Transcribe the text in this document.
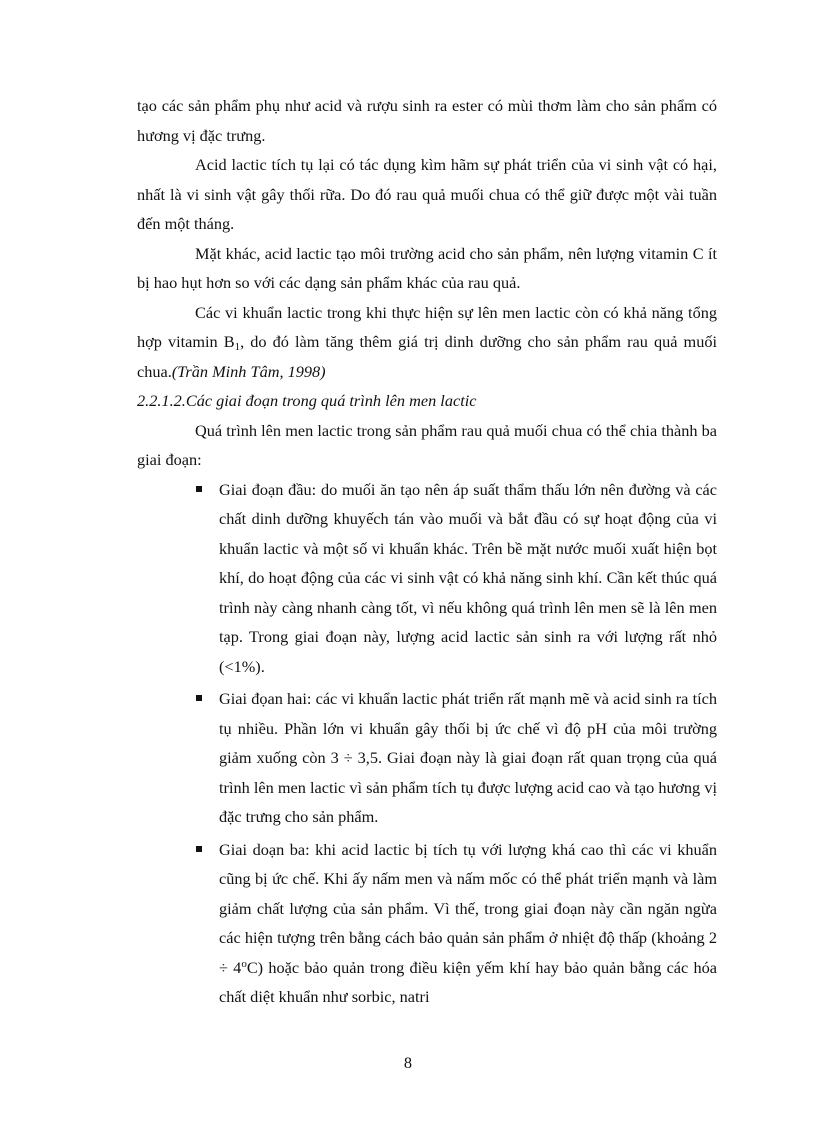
tạo các sản phẩm phụ như acid và rượu sinh ra ester có mùi thơm làm cho sản phẩm có hương vị đặc trưng.

Acid lactic tích tụ lại có tác dụng kìm hãm sự phát triển của vi sinh vật có hại, nhất là vi sinh vật gây thối rữa. Do đó rau quả muối chua có thể giữ được một vài tuần đến một tháng.

Mặt khác, acid lactic tạo môi trường acid cho sản phẩm, nên lượng vitamin C ít bị hao hụt hơn so với các dạng sản phẩm khác của rau quả.

Các vi khuẩn lactic trong khi thực hiện sự lên men lactic còn có khả năng tổng hợp vitamin $B_1$, do đó làm tăng thêm giá trị dinh dưỡng cho sản phẩm rau quả muối chua.(Trần Minh Tâm, 1998)

2.2.1.2.Các giai đoạn trong quá trình lên men lactic

Quá trình lên men lactic trong sản phẩm rau quả muối chua có thể chia thành ba giai đoạn:

Giai đoạn đầu: do muối ăn tạo nên áp suất thẩm thấu lớn nên đường và các chất dinh dưỡng khuyếch tán vào muối và bắt đầu có sự hoạt động của vi khuẩn lactic và một số vi khuẩn khác. Trên bề mặt nước muối xuất hiện bọt khí, do hoạt động của các vi sinh vật có khả năng sinh khí. Cần kết thúc quá trình này càng nhanh càng tốt, vì nếu không quá trình lên men sẽ là lên men tạp. Trong giai đoạn này, lượng acid lactic sản sinh ra với lượng rất nhỏ (<1%).
Giai đọan hai: các vi khuẩn lactic phát triển rất mạnh mẽ và acid sinh ra tích tụ nhiều. Phần lớn vi khuẩn gây thối bị ức chế vì độ pH của môi trường giảm xuống còn 3 ÷ 3,5. Giai đoạn này là giai đoạn rất quan trọng của quá trình lên men lactic vì sản phẩm tích tụ được lượng acid cao và tạo hương vị đặc trưng cho sản phẩm.
Giai doạn ba: khi acid lactic bị tích tụ với lượng khá cao thì các vi khuẩn cũng bị ức chế. Khi ấy nấm men và nấm mốc có thể phát triển mạnh và làm giảm chất lượng của sản phẩm. Vì thế, trong giai đoạn này cần ngăn ngừa các hiện tượng trên bằng cách bảo quản sản phẩm ở nhiệt độ thấp (khoảng $2 \div 4^oC$) hoặc bảo quản trong điều kiện yếm khí hay bảo quản bằng các hóa chất diệt khuẩn như sorbic, natri
8
